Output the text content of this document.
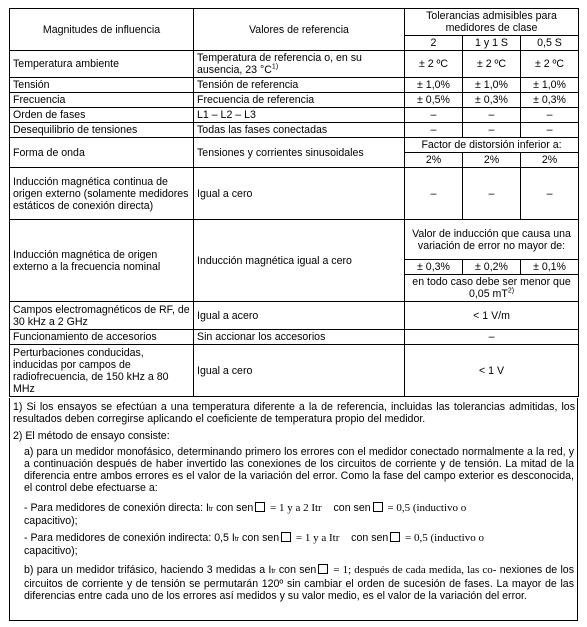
Magnitudes de influencia	Valores de referencia	Tolerancias admisibles para medidores de clase		
		2	1 y 1 S	0,5 S
Temperatura ambiente	Temperatura de referencia o, en su ausencia, 23 $^\circ C^{1)}$	± 2 ºC	± 2 ºC	± 2 ºC
Tensión	Tensión de referencia	± 1,0%	± 1,0%	± 1,0%
Frecuencia	Frecuencia de referencia	± 0,5%	± 0,3%	± 0,3%
Orden de fases	L1 – L2 – L3	–	–	–
Desequilibrio de tensiones	Todas las fases conectadas	–	–	–
Forma de onda	Tensiones y corrientes sinusoidales	Factor de distorsión inferior a:		
		2%	2%	2%
Inducción magnética continua de origen externo (solamente medidores estáticos de conexión directa)	Igual a cero	–	–	–
Inducción magnética de origen externo a la frecuencia nominal	Inducción magnética igual a cero	Valor de inducción que causa una variación de error no mayor de:		
		± 0,3%	± 0,2%	± 0,1%
		en todo caso debe ser menor que 0,05 $mT^{2)}$
Campos electromagnéticos de RF, de 30 kHz a 2 GHz	Igual a acero	< 1 V/m		
Funcionamiento de accesorios	Sin accionar los accesorios	–		
Perturbaciones conducidas, inducidas por campos de radiofrecuencia, de 150 kHz a 80 MHz	Igual a cero	< 1 V		
1) Si los ensayos se efectúan a una temperatura diferente a la de referencia, incluidas las tolerancias admitidas, los resultados deben corregirse aplicando el coeficiente de temperatura propio del medidor.
2) El método de ensayo consiste:
a) para un medidor monofásico, determinando primero los errores con el medidor conectado normalmente a la red, y a continuación después de haber invertido las conexiones de los circuitos de corriente y de tensión. La mitad de la diferencia entre ambos errores es el valor de la variación del error. Como la fase del campo exterior es desconocida, el control debe efectuarse a:
- Para medidores de conexión directa: Itr con sen = 1 y a 2 Itr con sen = 0,5 (inductivo o
capacitivo);
- Para medidores de conexión indirecta: 0,5 Itr con sen = 1 y a Itr con sen = 0,5 (inductivo o
capacitivo);
b) para un medidor trifásico, haciendo 3 medidas a Itr con sen = 1; después de cada medida, las co- nexiones de los circuitos de corriente y de tensión se permutarán 120º sin cambiar el orden de sucesión de fases. La mayor de las diferencias entre cada uno de los errores así medidos y su valor medio, es el valor de la variación del error.
